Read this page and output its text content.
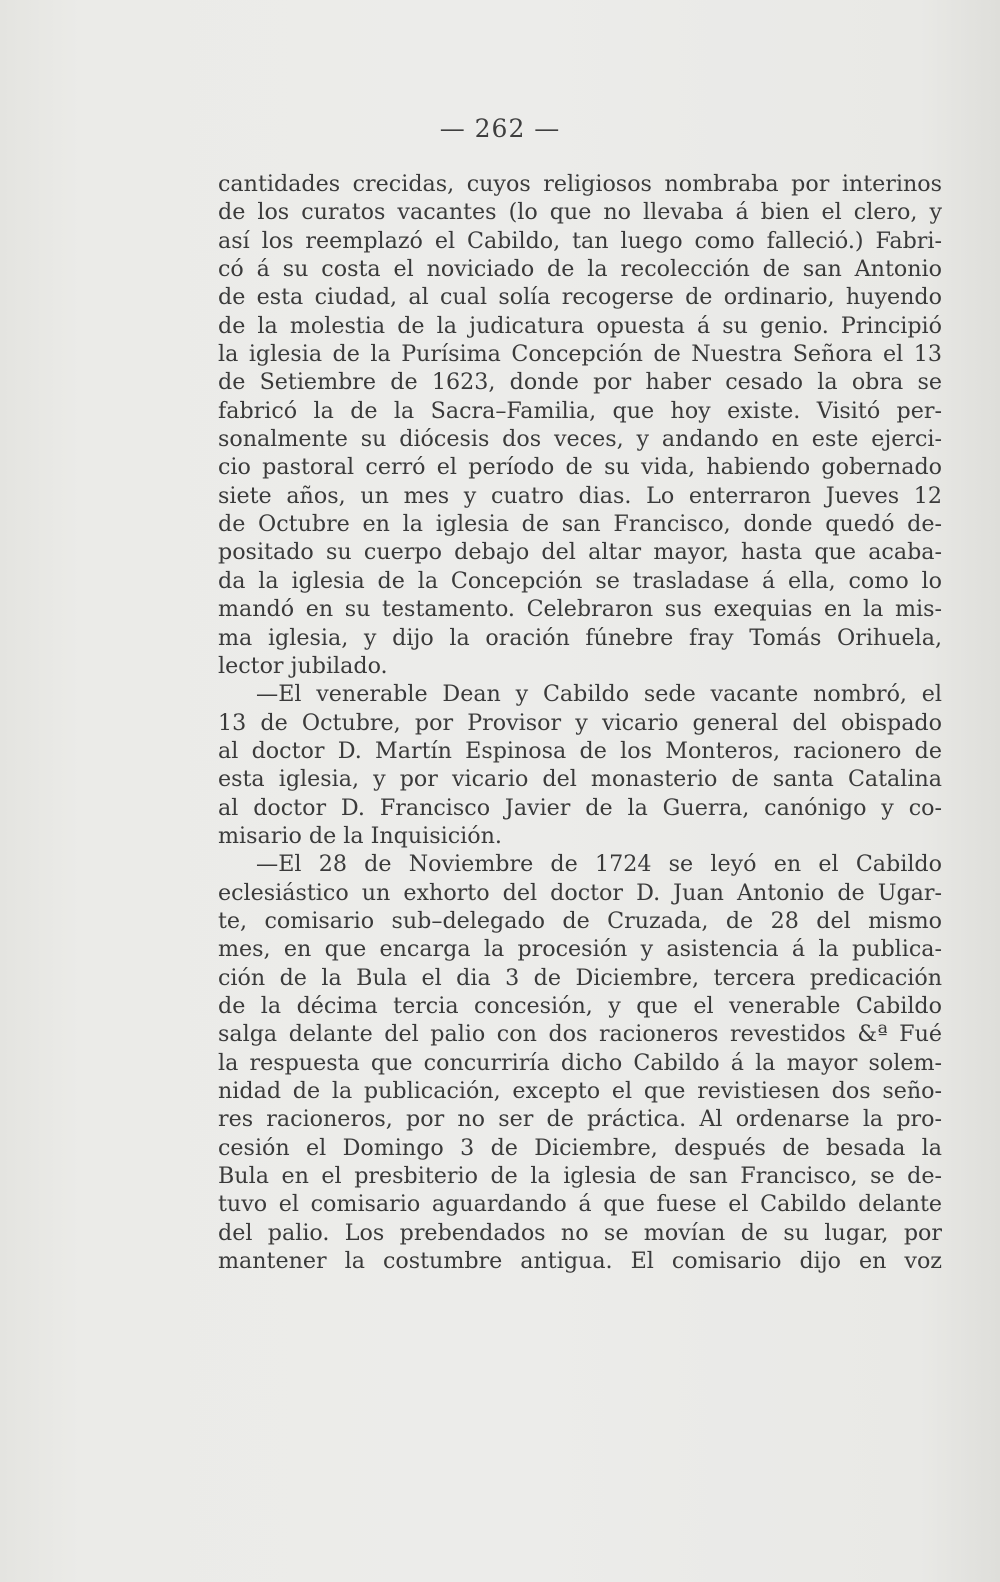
— 262 —
cantidades crecidas, cuyos religiosos nombraba por interinos
de los curatos vacantes (lo que no llevaba á bien el clero, y
así los reemplazó el Cabildo, tan luego como falleció.) Fabri-
có á su costa el noviciado de la recolección de san Antonio
de esta ciudad, al cual solía recogerse de ordinario, huyendo
de la molestia de la judicatura opuesta á su genio. Principió
la iglesia de la Purísima Concepción de Nuestra Señora el 13
de Setiembre de 1623, donde por haber cesado la obra se
fabricó la de la Sacra–Familia, que hoy existe. Visitó per-
sonalmente su diócesis dos veces, y andando en este ejerci-
cio pastoral cerró el período de su vida, habiendo gobernado
siete años, un mes y cuatro dias. Lo enterraron Jueves 12
de Octubre en la iglesia de san Francisco, donde quedó de-
positado su cuerpo debajo del altar mayor, hasta que acaba-
da la iglesia de la Concepción se trasladase á ella, como lo
mandó en su testamento. Celebraron sus exequias en la mis-
ma iglesia, y dijo la oración fúnebre fray Tomás Orihuela,
lector jubilado.
—El venerable Dean y Cabildo sede vacante nombró, el
13 de Octubre, por Provisor y vicario general del obispado
al doctor D. Martín Espinosa de los Monteros, racionero de
esta iglesia, y por vicario del monasterio de santa Catalina
al doctor D. Francisco Javier de la Guerra, canónigo y co-
misario de la Inquisición.
—El 28 de Noviembre de 1724 se leyó en el Cabildo
eclesiástico un exhorto del doctor D. Juan Antonio de Ugar-
te, comisario sub–delegado de Cruzada, de 28 del mismo
mes, en que encarga la procesión y asistencia á la publica-
ción de la Bula el dia 3 de Diciembre, tercera predicación
de la décima tercia concesión, y que el venerable Cabildo
salga delante del palio con dos racioneros revestidos &ª Fué
la respuesta que concurriría dicho Cabildo á la mayor solem-
nidad de la publicación, excepto el que revistiesen dos seño-
res racioneros, por no ser de práctica. Al ordenarse la pro-
cesión el Domingo 3 de Diciembre, después de besada la
Bula en el presbiterio de la iglesia de san Francisco, se de-
tuvo el comisario aguardando á que fuese el Cabildo delante
del palio. Los prebendados no se movían de su lugar, por
mantener la costumbre antigua. El comisario dijo en voz
